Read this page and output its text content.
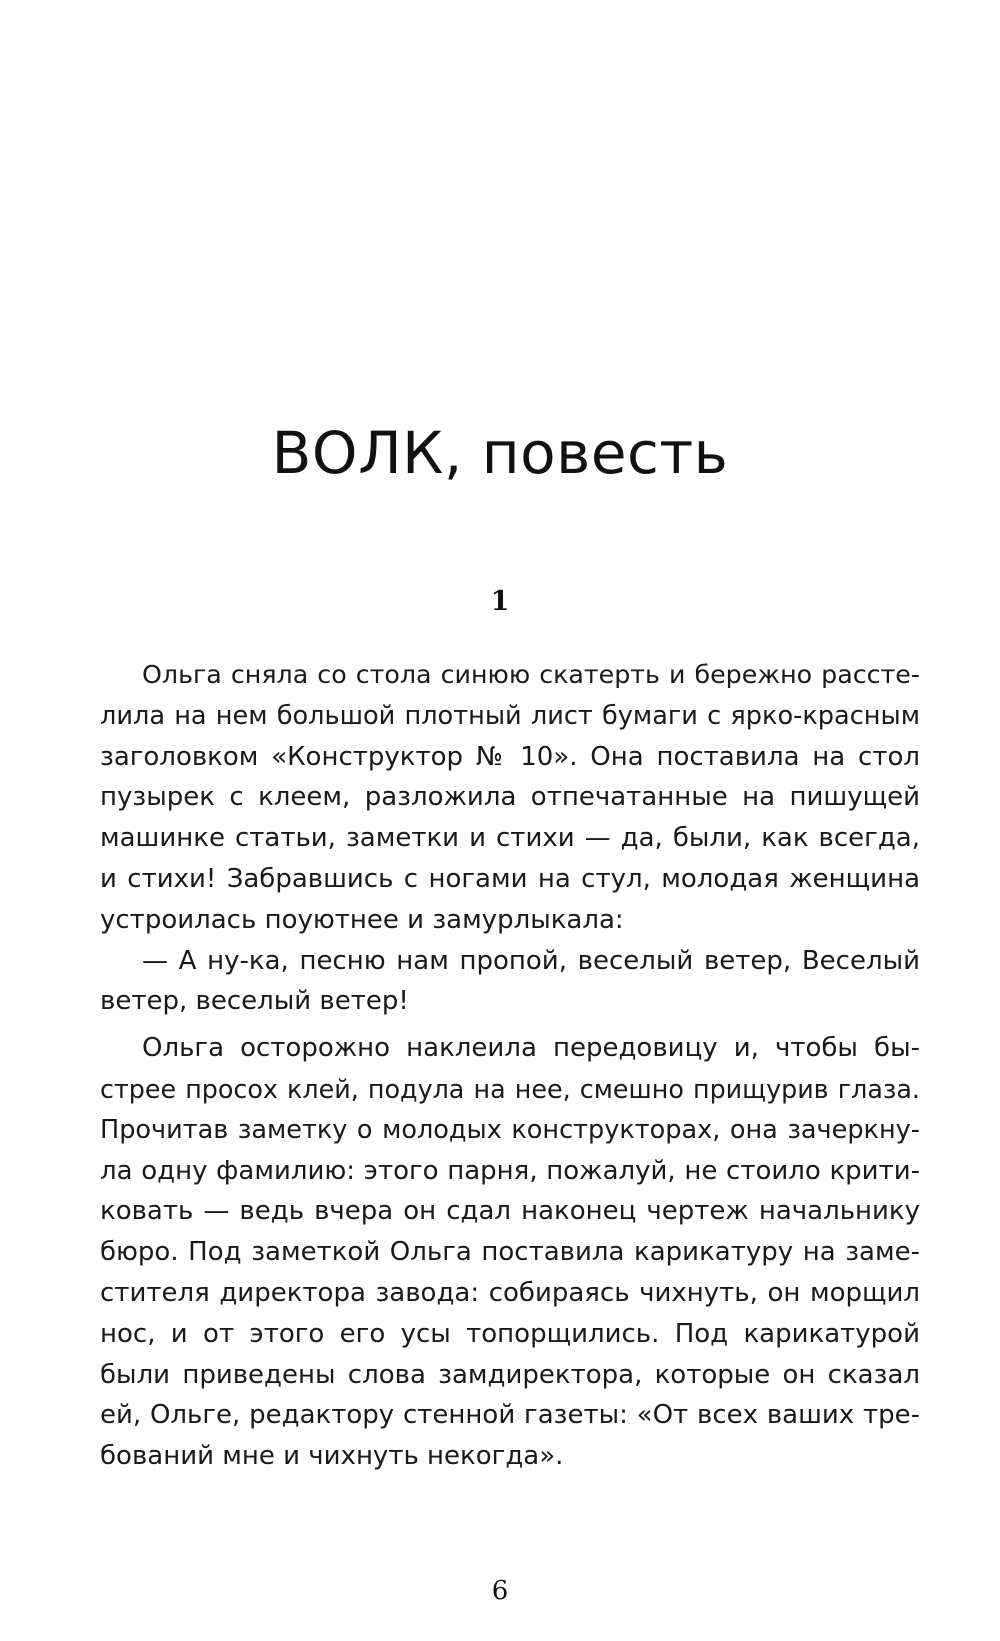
ВОЛК, повесть
1
Ольга сняла со стола синюю скатерть и бережно рассте-
лила на нем большой плотный лист бумаги с ярко-красным
заголовком «Конструктор № 10». Она поставила на стол
пузырек с клеем, разложила отпечатанные на пишущей
машинке статьи, заметки и стихи — да, были, как всегда,
и стихи! Забравшись с ногами на стул, молодая женщина
устроилась поуютнее и замурлыкала:
— А ну-ка, песню нам пропой, веселый ветер, Веселый
ветер, веселый ветер!
Ольга осторожно наклеила передовицу и, чтобы бы-
стрее просох клей, подула на нее, смешно прищурив глаза.
Прочитав заметку о молодых конструкторах, она зачеркну-
ла одну фамилию: этого парня, пожалуй, не стоило крити-
ковать — ведь вчера он сдал наконец чертеж начальнику
бюро. Под заметкой Ольга поставила карикатуру на заме-
стителя директора завода: собираясь чихнуть, он морщил
нос, и от этого его усы топорщились. Под карикатурой
были приведены слова замдиректора, которые он сказал
ей, Ольге, редактору стенной газеты: «От всех ваших тре-
бований мне и чихнуть некогда».
6
